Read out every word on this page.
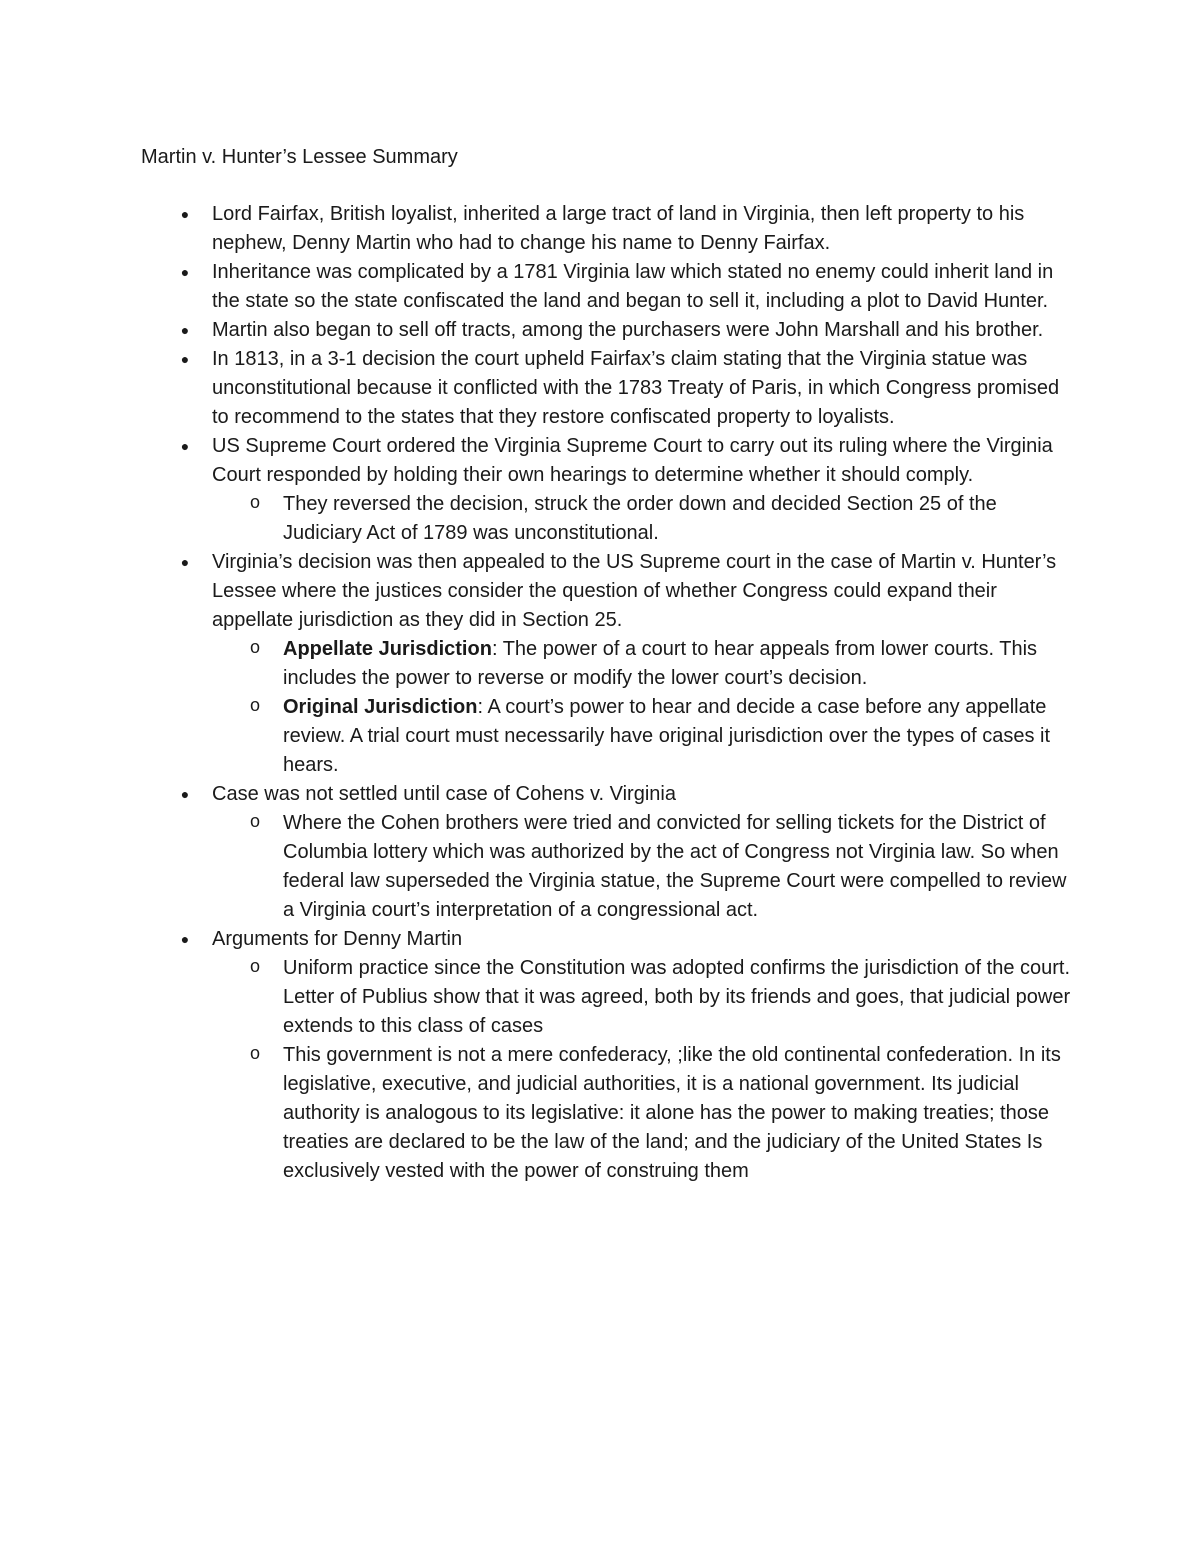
Martin v. Hunter’s Lessee Summary
● Lord Fairfax, British loyalist, inherited a large tract of land in Virginia, then left property to his nephew, Denny Martin who had to change his name to Denny Fairfax.
● Inheritance was complicated by a 1781 Virginia law which stated no enemy could inherit land in the state so the state confiscated the land and began to sell it, including a plot to David Hunter.
● Martin also began to sell off tracts, among the purchasers were John Marshall and his brother.
● In 1813, in a 3-1 decision the court upheld Fairfax’s claim stating that the Virginia statue was unconstitutional because it conflicted with the 1783 Treaty of Paris, in which Congress promised to recommend to the states that they restore confiscated property to loyalists.
● US Supreme Court ordered the Virginia Supreme Court to carry out its ruling where the Virginia Court responded by holding their own hearings to determine whether it should comply.
o They reversed the decision, struck the order down and decided Section 25 of the Judiciary Act of 1789 was unconstitutional.
● Virginia’s decision was then appealed to the US Supreme court in the case of Martin v. Hunter’s Lessee where the justices consider the question of whether Congress could expand their appellate jurisdiction as they did in Section 25.
o Appellate Jurisdiction: The power of a court to hear appeals from lower courts. This includes the power to reverse or modify the lower court’s decision.
o Original Jurisdiction: A court’s power to hear and decide a case before any appellate review. A trial court must necessarily have original jurisdiction over the types of cases it hears.
● Case was not settled until case of Cohens v. Virginia
o Where the Cohen brothers were tried and convicted for selling tickets for the District of Columbia lottery which was authorized by the act of Congress not Virginia law. So when federal law superseded the Virginia statue, the Supreme Court were compelled to review a Virginia court’s interpretation of a congressional act.
● Arguments for Denny Martin
o Uniform practice since the Constitution was adopted confirms the jurisdiction of the court. Letter of Publius show that it was agreed, both by its friends and goes, that judicial power extends to this class of cases
o This government is not a mere confederacy, ;like the old continental confederation. In its legislative, executive, and judicial authorities, it is a national government. Its judicial authority is analogous to its legislative: it alone has the power to making treaties; those treaties are declared to be the law of the land; and the judiciary of the United States Is exclusively vested with the power of construing them
